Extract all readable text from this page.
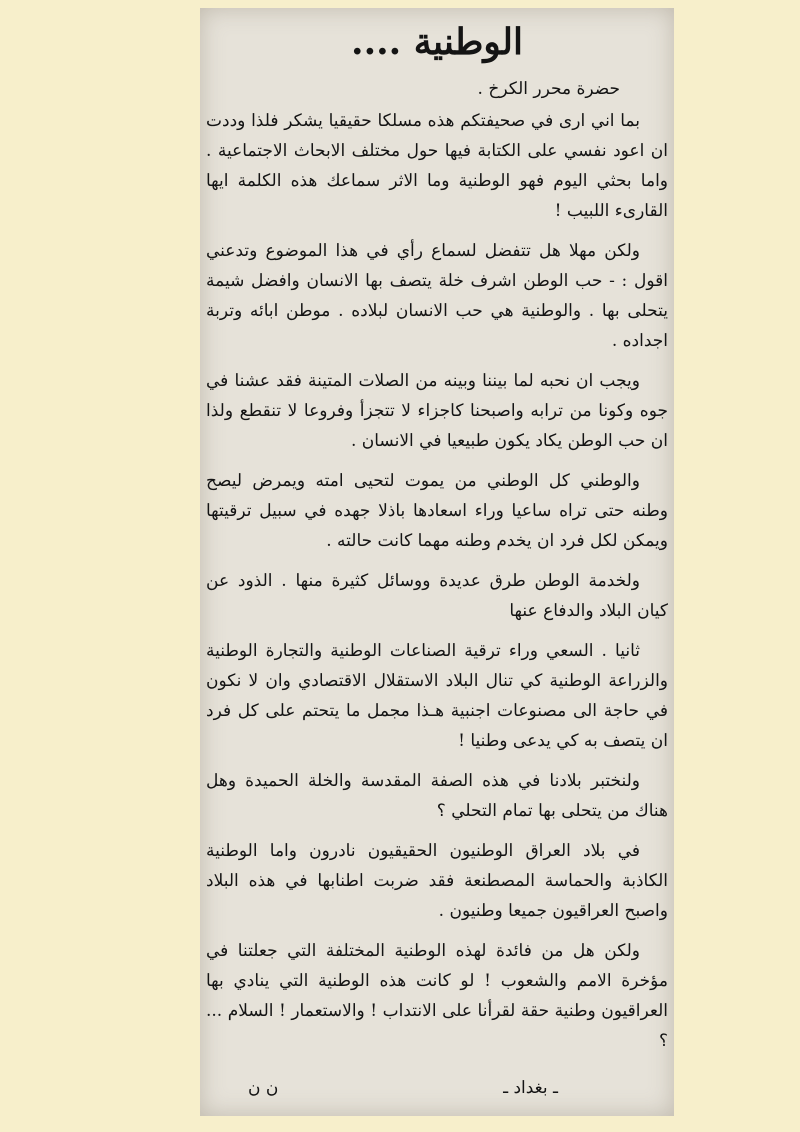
الوطنية ....

حضرة محرر الكرخ .

بما اني ارى في صحيفتكم هذه مسلكا حقيقيا يشكر فلذا وددت ان اعود نفسي على الكتابة فيها حول مختلف الابحاث الاجتماعية . واما بحثي اليوم فهو الوطنية وما الاثر سماعك هذه الكلمة ايها القارىء اللبيب !

ولكن مهلا هل تتفضل لسماع رأي في هذا الموضوع وتدعني اقول : - حب الوطن اشرف خلة يتصف بها الانسان وافضل شيمة يتحلى بها . والوطنية هي حب الانسان لبلاده . موطن ابائه وتربة اجداده .

ويجب ان نحبه لما بيننا وبينه من الصلات المتينة فقد عشنا في جوه وكونا من ترابه واصبحنا كاجزاء لا تتجزأ وفروعا لا تنقطع ولذا ان حب الوطن يكاد يكون طبيعيا في الانسان .

والوطني كل الوطني من يموت لتحيى امته ويمرض ليصح وطنه حتى تراه ساعيا وراء اسعادها باذلا جهده في سبيل ترقيتها ويمكن لكل فرد ان يخدم وطنه مهما كانت حالته .

ولخدمة الوطن طرق عديدة ووسائل كثيرة منها . الذود عن كيان البلاد والدفاع عنها

ثانيا . السعي وراء ترقية الصناعات الوطنية والتجارة الوطنية والزراعة الوطنية كي تنال البلاد الاستقلال الاقتصادي وان لا نكون في حاجة الى مصنوعات اجنبية هـذا مجمل ما يتحتم على كل فرد ان يتصف به كي يدعى وطنيا !

ولنختبر بلادنا في هذه الصفة المقدسة والخلة الحميدة وهل هناك من يتحلى بها تمام التحلي ؟

في بلاد العراق الوطنيون الحقيقيون نادرون واما الوطنية الكاذبة والحماسة المصطنعة فقد ضربت اطنابها في هذه البلاد واصبح العراقيون جميعا وطنيون .

ولكن هل من فائدة لهذه الوطنية المختلفة التي جعلتنا في مؤخرة الامم والشعوب ! لو كانت هذه الوطنية التي ينادي بها العراقيون وطنية حقة لقرأنا على الانتداب ! والاستعمار ! السلام ... ؟

ـ بغداد ـ
ن ن
